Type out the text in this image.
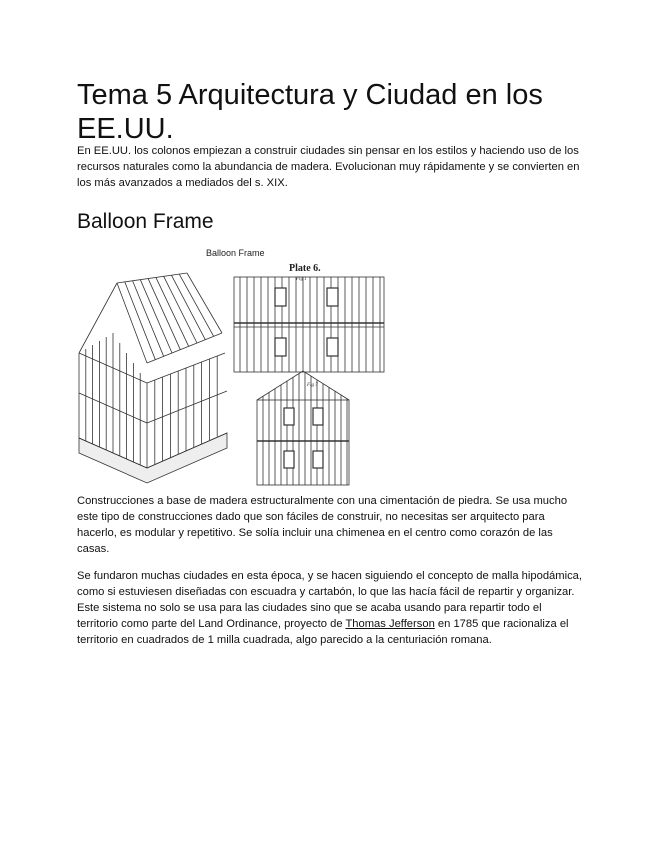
Tema 5 Arquitectura y Ciudad en los EE.UU.

En EE.UU. los colonos empiezan a construir ciudades sin pensar en los estilos y haciendo uso de los recursos naturales como la abundancia de madera. Evolucionan muy rápidamente y se convierten en los más avanzados a mediados del s. XIX.

Balloon Frame
Balloon Frame
Plate 6.
Fig 1
Fig 7

Construcciones a base de madera estructuralmente con una cimentación de piedra. Se usa mucho este tipo de construcciones dado que son fáciles de construir, no necesitas ser arquitecto para hacerlo, es modular y repetitivo. Se solía incluir una chimenea en el centro como corazón de las casas.

Se fundaron muchas ciudades en esta época, y se hacen siguiendo el concepto de malla hipodámica, como si estuviesen diseñadas con escuadra y cartabón, lo que las hacía fácil de repartir y organizar. Este sistema no solo se usa para las ciudades sino que se acaba usando para repartir todo el territorio como parte del Land Ordinance, proyecto de Thomas Jefferson en 1785 que racionaliza el territorio en cuadrados de 1 milla cuadrada, algo parecido a la centuriación romana.
